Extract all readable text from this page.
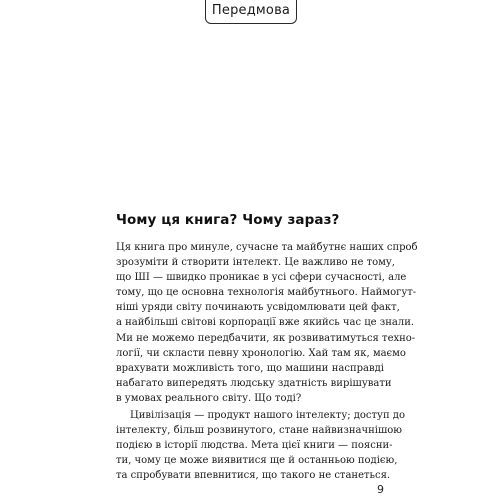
Передмова
Чому ця книга? Чому зараз?

Ця книга про минуле, сучасне та майбутнє наших спроб
зрозуміти й створити інтелект. Це важливо не тому,
що ШІ — швидко проникає в усі сфери сучасності, але
тому, що це основна технологія майбутнього. Наймогут-
ніші уряди світу починають усвідомлювати цей факт,
а найбільші світові корпорації вже якийсь час це знали.
Ми не можемо передбачити, як розвиватимуться техно-
логії, чи скласти певну хронологію. Хай там як, маємо
врахувати можливість того, що машини насправді
набагато випередять людську здатність вирішувати
в умовах реального світу. Що тоді?

Цивілізація — продукт нашого інтелекту; доступ до
інтелекту, більш розвинутого, стане найвизначнішою
подією в історії людства. Мета цієї книги — поясни-
ти, чому це може виявитися ще й останньою подією,
та спробувати впевнитися, що такого не станеться.

9
